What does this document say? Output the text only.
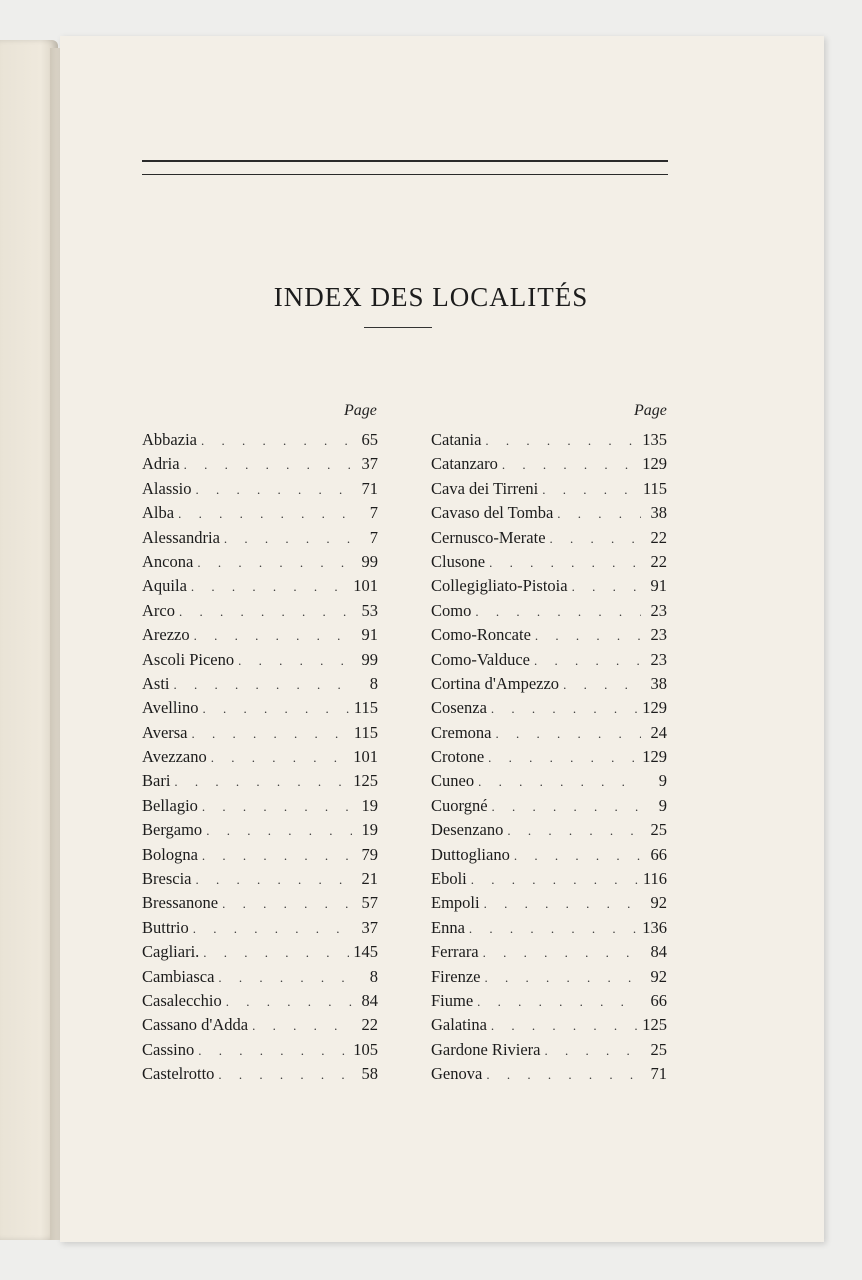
INDEX DES LOCALITÉS
Page	Page
Abbazia . . .	65
Adria . . .	37
Alassio . . .	71
Alba . . .	7
Alessandria . . .	7
Ancona . . .	99
Aquila . . .	101
Arco . . .	53
Arezzo . . .	91
Ascoli Piceno . . .	99
Asti . . .	8
Avellino . . .	115
Aversa . . .	115
Avezzano . . .	101
Bari . . .	125
Bellagio . . .	19
Bergamo . . .	19
Bologna . . .	79
Brescia . . .	21
Bressanone . . .	57
Buttrio . . .	37
Cagliari. . . .	145
Cambiasca . . .	8
Casalecchio . . .	84
Cassano d'Adda . . .	22
Cassino . . .	105
Castelrotto . . .	58
Catania . . .	135
Catanzaro . . .	129
Cava dei Tirreni . . .	115
Cavaso del Tomba . . .	38
Cernusco-Merate . . .	22
Clusone . . .	22
Collegigliato-Pistoia . . .	91
Como . . .	23
Como-Roncate . . .	23
Como-Valduce . . .	23
Cortina d'Ampezzo . . .	38
Cosenza . . .	129
Cremona . . .	24
Crotone . . .	129
Cuneo . . .	9
Cuorgné . . .	9
Desenzano . . .	25
Duttogliano . . .	66
Eboli . . .	116
Empoli . . .	92
Enna . . .	136
Ferrara . . .	84
Firenze . . .	92
Fiume . . .	66
Galatina . . .	125
Gardone Riviera . . .	25
Genova . . .	71
